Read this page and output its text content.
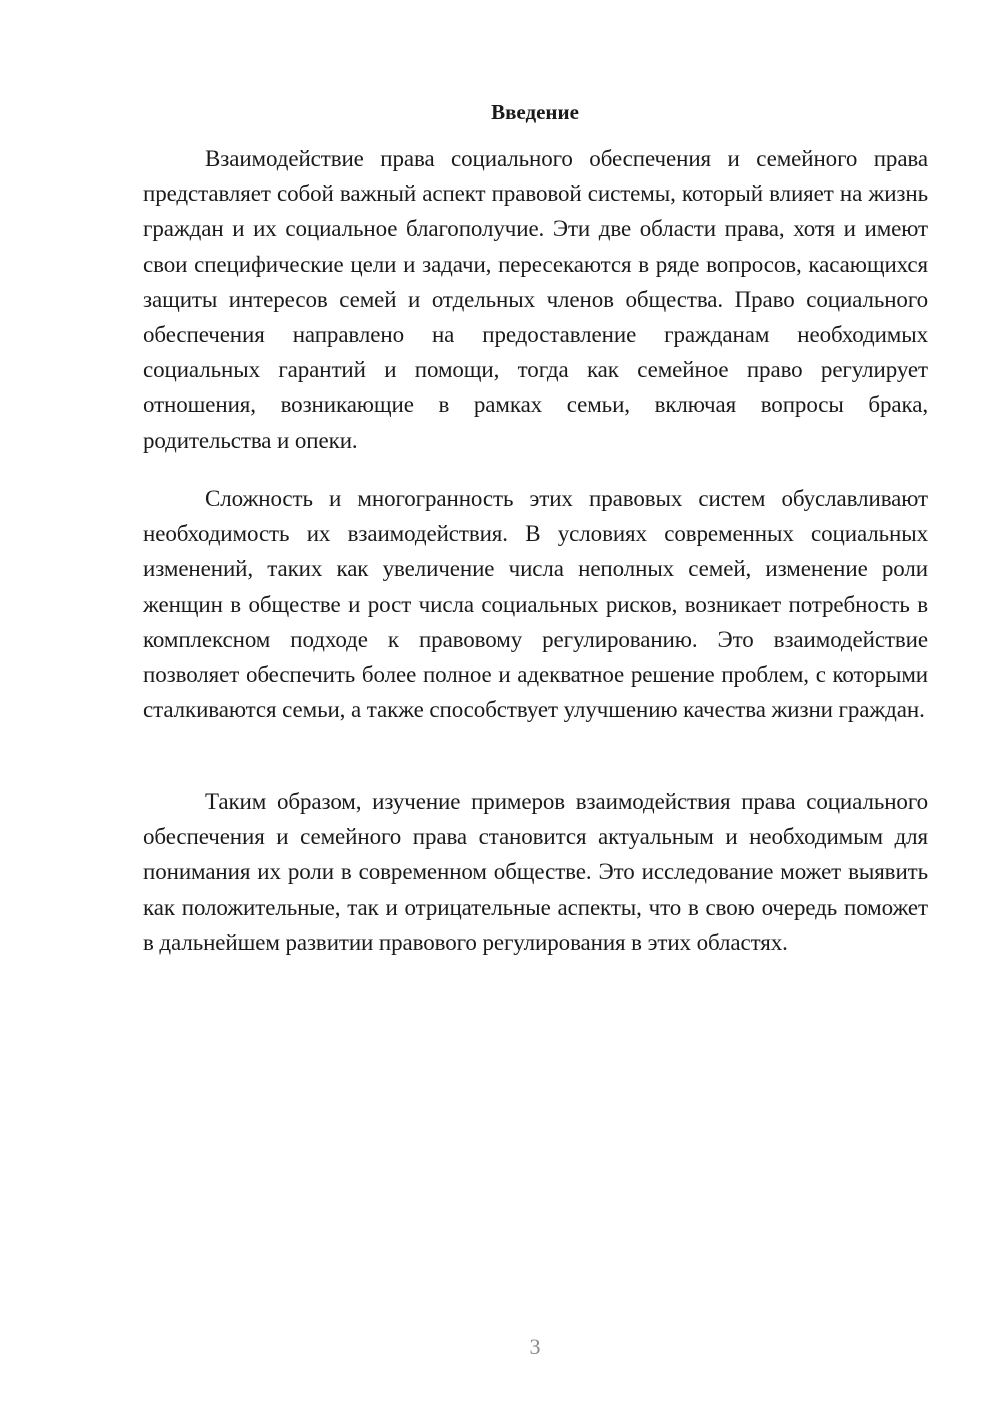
Введение

Взаимодействие права социального обеспечения и семейного права представляет собой важный аспект правовой системы, который влияет на жизнь граждан и их социальное благополучие. Эти две области права, хотя и имеют свои специфические цели и задачи, пересекаются в ряде вопросов, касающихся защиты интересов семей и отдельных членов общества. Право социального обеспечения направлено на предоставление гражданам необходимых социальных гарантий и помощи, тогда как семейное право регулирует отношения, возникающие в рамках семьи, включая вопросы брака, родительства и опеки.

Сложность и многогранность этих правовых систем обуславливают необходимость их взаимодействия. В условиях современных социальных изменений, таких как увеличение числа неполных семей, изменение роли женщин в обществе и рост числа социальных рисков, возникает потребность в комплексном подходе к правовому регулированию. Это взаимодействие позволяет обеспечить более полное и адекватное решение проблем, с которыми сталкиваются семьи, а также способствует улучшению качества жизни граждан.

Таким образом, изучение примеров взаимодействия права социального обеспечения и семейного права становится актуальным и необходимым для понимания их роли в современном обществе. Это исследование может выявить как положительные, так и отрицательные аспекты, что в свою очередь поможет в дальнейшем развитии правового регулирования в этих областях.

3
